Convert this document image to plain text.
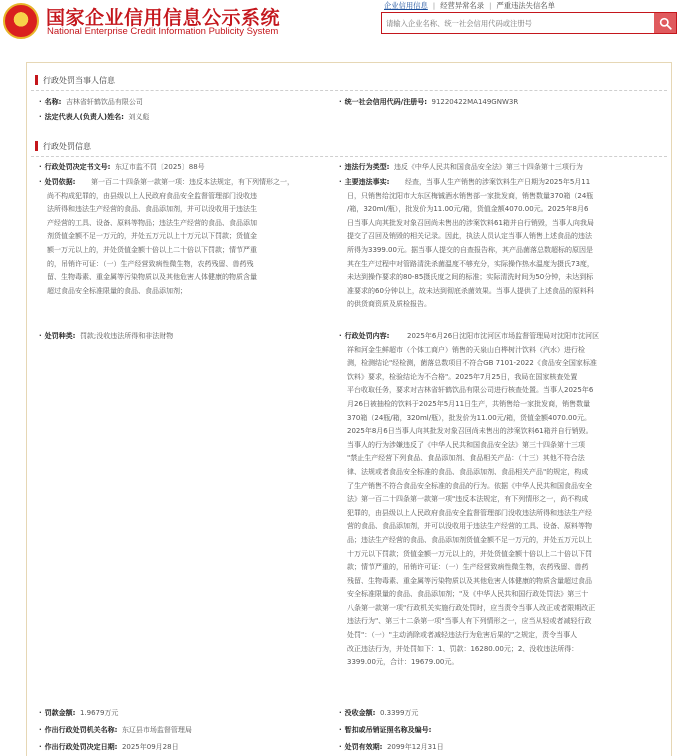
★ 国家企业信用信息公示系统
National Enterprise Credit Information Publicity System
企业信用信息 | 经营异常名录 | 严重违法失信名单
请输入企业名称、统一社会信用代码或注册号
行政处罚当事人信息
· 名称: 吉林省轩鹤饮品有限公司	· 统一社会信用代码/注册号: 91220422MA149GNW3R
· 法定代表人(负责人)姓名: 刘义彪
行政处罚信息
· 行政处罚决定书文号: 东辽市监不罚〔2025〕88号	· 违法行为类型: 违反《中华人民共和国食品安全法》第三十四条第十三项行为
· 处罚依据:	第一百二十四条第一款第一项：违反本法规定，有下列情形之一，
尚不构成犯罪的，由县级以上人民政府食品安全监督管理部门没收违
法所得和违法生产经营的食品、食品添加剂，并可以没收用于违法生
产经营的工具、设备、原料等物品；违法生产经营的食品、食品添加
剂货值金额不足一万元的，并处五万元以上十万元以下罚款；货值金
额一万元以上的，并处货值金额十倍以上二十倍以下罚款；情节严重
的，吊销许可证：（一）生产经营致病性微生物，农药残留、兽药残
留、生物毒素、重金属等污染物质以及其他危害人体健康的物质含量
超过食品安全标准限量的食品、食品添加剂；
· 主要违法事实:	经查，当事人生产销售的涉案饮料生产日期为2025年5月11
日，只销售给沈阳市大东区梅铖酒水销售部一家批发商，销售数量370箱（24瓶
/箱，320ml/瓶），批发价为11.00元/箱，货值金额4070.00元。2025年8月6
日当事人向其批发对象召回尚未售出的涉案饮料61箱并自行销毁，当事人向我局
提交了召回及销毁的相关记录。因此，执法人员认定当事人销售上述食品的违法
所得为3399.00元。据当事人提交的自查报告称，其产品菌落总数超标的原因是
其在生产过程中对管路清洗杀菌温度不够充分，实际操作热水温度为摄氏73度，
未达到操作要求的80-85摄氏度之间的标准；实际清洗时间为50分钟，未达到标
准要求的60分钟以上，故未达到彻底杀菌效果。当事人提供了上述食品的原料科
的供货商资质及质检报告。
· 处罚种类: 罚款;没收违法所得和非法财物	· 行政处罚内容:	2025年6月26日沈阳市沈河区市场监督管理局对沈阳市沈河区
祥和河金生鲜超市（个体工商户）销售的天泉山白桦树汁饮料（汽水）进行检
测，检测结论"经检测，菌落总数项目不符合GB 7101-2022《食品安全国家标准
饮料》要求，检验结论为不合格"。2025年7月25日，我局在国家核查处置
平台收取任务，要求对吉林省轩鹤饮品有限公司进行核查处置。当事人2025年6
月26日被抽检的饮料于2025年5月11日生产，共销售给一家批发商，销售数量
370箱（24瓶/箱，320ml/瓶），批发价为11.00元/箱，货值金额4070.00元。
2025年8月6日当事人向其批发对象召回尚未售出的涉案饮料61箱并自行销毁。
当事人的行为涉嫌违反了《中华人民共和国食品安全法》第三十四条第十三项
"禁止生产经营下列食品、食品添加剂、食品相关产品：（十三）其他不符合法
律、法规或者食品安全标准的食品、食品添加剂、食品相关产品"的规定，构成
了生产销售不符合食品安全标准的食品的行为。依据《中华人民共和国食品安全
法》第一百二十四条第一款第一项"违反本法规定，有下列情形之一，尚不构成
犯罪的，由县级以上人民政府食品安全监督管理部门没收违法所得和违法生产经
营的食品、食品添加剂，并可以没收用于违法生产经营的工具、设备、原料等物
品；违法生产经营的食品、食品添加剂货值金额不足一万元的，并处五万元以上
十万元以下罚款；货值金额一万元以上的，并处货值金额十倍以上二十倍以下罚
款；情节严重的，吊销许可证：（一）生产经营致病性微生物，农药残留、兽药
残留、生物毒素、重金属等污染物质以及其他危害人体健康的物质含量超过食品
安全标准限量的食品、食品添加剂；"及《中华人民共和国行政处罚法》第三十
八条第一款第一项"行政机关实施行政处罚时，应当责令当事人改正或者限期改正
违法行为"、第三十二条第一项"当事人有下列情形之一，应当从轻或者减轻行政
处罚"：（一）"主动消除或者减轻违法行为危害后果的"之规定，责令当事人
改正违法行为，并处罚如下：1、罚款：16280.00元；2、没收违法所得：
3399.00元，合计：19679.00元。
· 罚款金额: 1.9679万元	· 没收金额: 0.3399万元
· 作出行政处罚机关名称: 东辽县市场监督管理局	· 暂扣或吊销证照名称及编号:
· 作出行政处罚决定日期: 2025年09月28日	· 处罚有效期: 2099年12月31日
